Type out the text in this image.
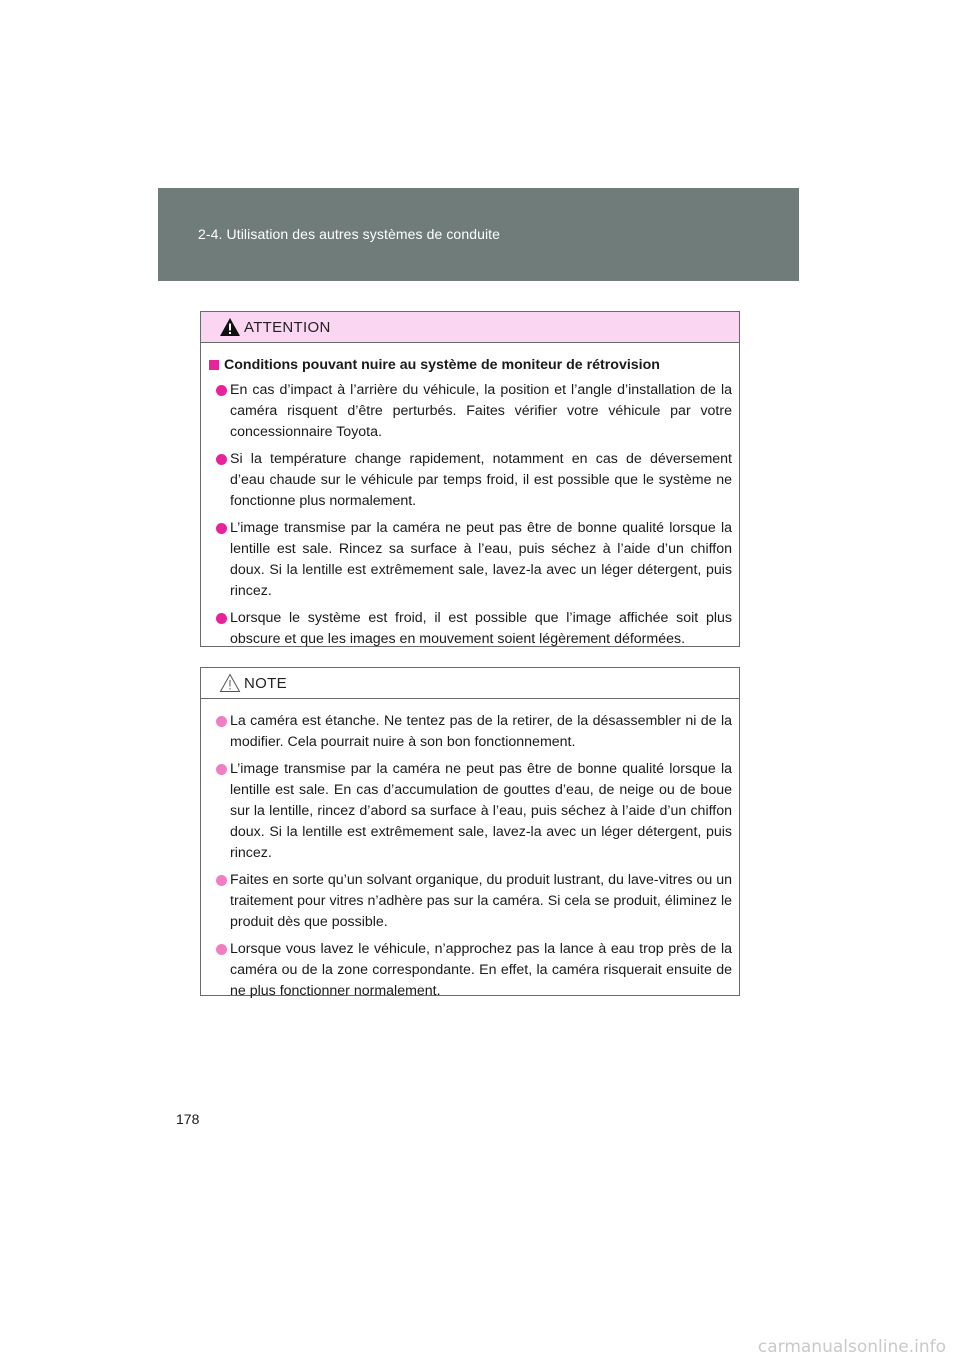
2-4. Utilisation des autres systèmes de conduite
ATTENTION
Conditions pouvant nuire au système de moniteur de rétrovision
En cas d’impact à l’arrière du véhicule, la position et l’angle d’installation de la caméra risquent d’être perturbés. Faites vérifier votre véhicule par votre concessionnaire Toyota.
Si la température change rapidement, notamment en cas de déversement d’eau chaude sur le véhicule par temps froid, il est possible que le système ne fonctionne plus normalement.
L’image transmise par la caméra ne peut pas être de bonne qualité lorsque la lentille est sale. Rincez sa surface à l’eau, puis séchez à l’aide d’un chiffon doux. Si la lentille est extrêmement sale, lavez-la avec un léger détergent, puis rincez.
Lorsque le système est froid, il est possible que l’image affichée soit plus obscure et que les images en mouvement soient légèrement déformées.
NOTE
La caméra est étanche. Ne tentez pas de la retirer, de la désassembler ni de la modifier. Cela pourrait nuire à son bon fonctionnement.
L’image transmise par la caméra ne peut pas être de bonne qualité lorsque la lentille est sale. En cas d’accumulation de gouttes d’eau, de neige ou de boue sur la lentille, rincez d’abord sa surface à l’eau, puis séchez à l’aide d’un chiffon doux. Si la lentille est extrêmement sale, lavez-la avec un léger détergent, puis rincez.
Faites en sorte qu’un solvant organique, du produit lustrant, du lave-vitres ou un traitement pour vitres n’adhère pas sur la caméra. Si cela se produit, éliminez le produit dès que possible.
Lorsque vous lavez le véhicule, n’approchez pas la lance à eau trop près de la caméra ou de la zone correspondante. En effet, la caméra risquerait ensuite de ne plus fonctionner normalement.
178
carmanualsonline.info
